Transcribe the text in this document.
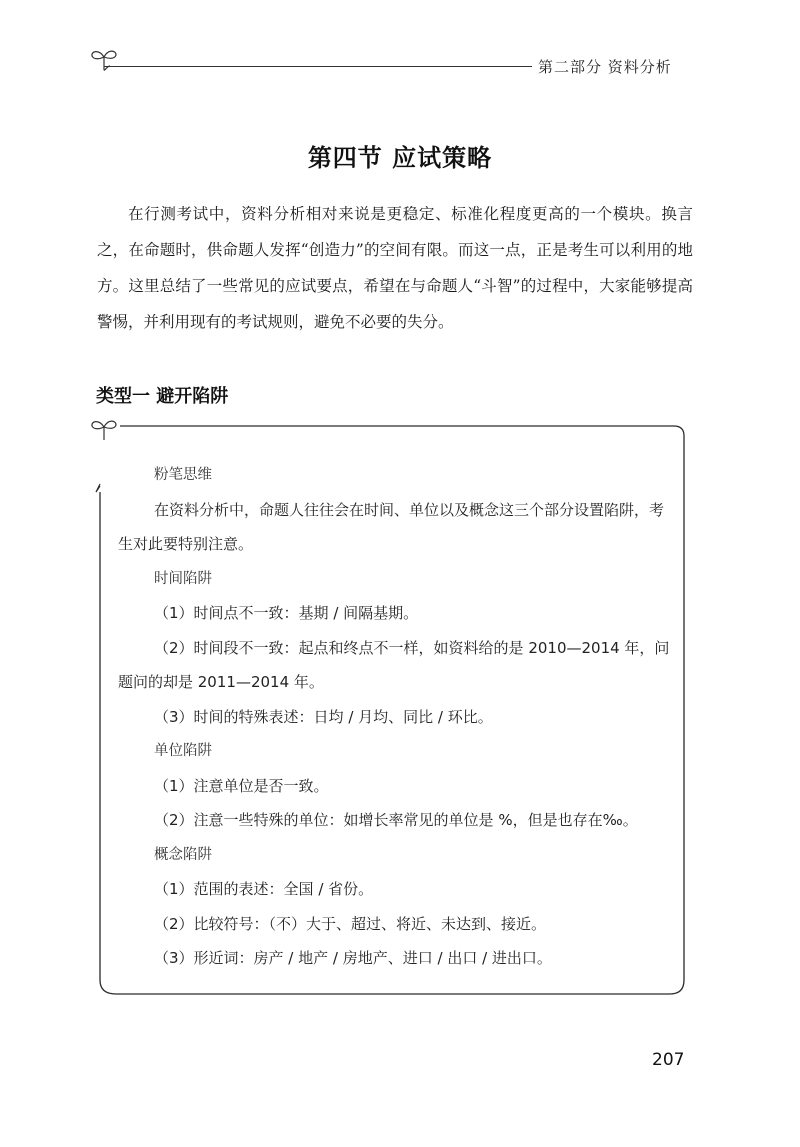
第二部分 资料分析
第四节 应试策略
在行测考试中，资料分析相对来说是更稳定、标准化程度更高的一个模块。换言之，在命题时，供命题人发挥“创造力”的空间有限。而这一点，正是考生可以利用的地方。这里总结了一些常见的应试要点，希望在与命题人“斗智”的过程中，大家能够提高警惕，并利用现有的考试规则，避免不必要的失分。
类型一 避开陷阱

粉笔思维

在资料分析中，命题人往往会在时间、单位以及概念这三个部分设置陷阱，考生对此要特别注意。

时间陷阱

（1）时间点不一致：基期 / 间隔基期。

（2）时间段不一致：起点和终点不一样，如资料给的是 2010—2014 年，问题问的却是 2011—2014 年。

（3）时间的特殊表述：日均 / 月均、同比 / 环比。

单位陷阱

（1）注意单位是否一致。

（2）注意一些特殊的单位：如增长率常见的单位是 %，但是也存在‰。

概念陷阱

（1）范围的表述：全国 / 省份。

（2）比较符号：（不）大于、超过、将近、未达到、接近。

（3）形近词：房产 / 地产 / 房地产、进口 / 出口 / 进出口。

207
